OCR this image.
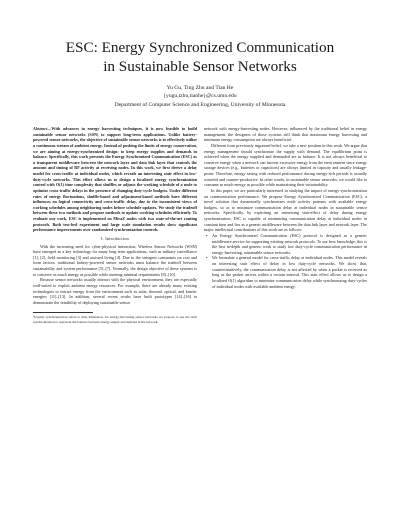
ESC: Energy Synchronized Communication
in Sustainable Sensor Networks
Yu Gu, Ting Zhu and Tian He
{yugu,tzhu,tianhe}@cs.umn.edu
Department of Computer Science and Engineering, University of Minnesota

Abstract—With advances in energy harvesting techniques, it is now feasible to build sustainable sensor networks (SSN) to support long-term applications. Unlike battery-powered sensor networks, the objective of sustainable sensor networks is to effectively utilize a continuous stream of ambient energy. Instead of pushing the limits of energy conservation, we are aiming at energy-synchronized design: to keep energy supplies and demands in balance. Specifically, this work presents the Energy Synchronized Communication (ESC) as a transparent middleware between the network layer and data link layer that controls the amount and timing of RF activity at receiving nodes. In this work, we first derive a delay model for cross-traffic at individual nodes, which reveals an interesting stair effect in low-duty-cycle networks. This effect allows us to design a localized energy synchronization control with O(1) time complexity that shuffles or adjusts the working schedule of a node to optimize cross-traffic delays in the presence of changing duty-cycle budgets. Under different rates of energy fluctuations, shuffle-based and adjustment-based methods have different influences on logical connectivity and cross-traffic delay, due to the inconsistent views of working schedules among neighboring nodes before schedule updates. We study the tradeoff between these two methods and propose methods to update working schedules efficiently. To evaluate our work, ESC is implemented on MicaZ nodes with two state-of-the-art routing protocols. Both test-bed experiment and large scale simulation results show significant performance improvements over randomized synchronization controls.

I. Introduction

With the increasing need for cyber-physical interaction, Wireless Sensor Networks (WSN) have emerged as a key technology for many long-term applications, such as military surveillance [1], [2], field monitoring [3] and assisted living [4]. Due to the stringent constraints on cost and form factors, traditional battery-powered sensor networks must balance the tradeoff between sustainability and system performance [5]–[7]. Normally, the design objective of these systems is to conserve as much energy as possible while meeting minimal requirements [8]–[10].

Because sensor networks usually interact with the physical environment, they are especially well-suited to exploit ambient energy resources. For example, there are already many existing technologies to extract energy from the environment such as solar, thermal, optical, and kinetic energies [11]–[13]. In addition, several recent works have built prototypes [14]–[16] to demonstrate the feasibility of deploying sustainable sensor

¹Usually synchronization refers to time dimension, for energy-harvesting sensor networks we propose to use the term synchronization to represent the balance between energy supply and demand in the network.

network with energy-harvesting nodes. However, influenced by the traditional belief in energy management, the designers of those systems still think that maximum energy harvesting and minimum energy consumption are always beneficial.

Different from previously ingrained belief, we take a new position in this work. We argue that energy management should synchronize the supply with demand. The equilibrium point is achieved when the energy supplied and demanded are in balance. It is not always beneficial to conserve energy when a network can harvest excessive energy from the environment since energy storage devices (e.g., batteries or capacitors) are always limited in capacity and usually leakage-prone. Therefore, energy saving with reduced performance during energy-rich periods is actually wasteful and counter-productive. In other words, in sustainable sensor networks, we would like to consume as much energy as possible while maintaining their sustainability.

In this paper, we are particularly interested in studying the impact of energy synchronization on communication performance. We propose Energy Synchronized Communication (ESC), a novel solution that dynamically synchronizes node activity patterns with available energy budgets, so as to minimize communication delay at individual nodes in sustainable sensor networks. Specifically, by exploiting an interesting stair-effect of delay during energy synchronization, ESC is capable of minimizing communication delay at individual nodes in constant time and lies as a generic middleware between the data link layer and network layer. The major intellectual contributions of this work are as follows:

• An Energy Synchronized Communication (ESC) protocol is designed as a generic middleware service for supporting existing network protocols. To our best knowledge, this is the first in-depth and generic work to study low duty-cycle communication performance in energy-harvesting, sustainable sensor networks.
• We formulate a general model for cross-traffic delay at individual nodes. This model reveals an interesting stair effect of delay in low duty-cycle networks. We show that, counterintuitively, the communication delay is not affected by when a packet is received as long as the packet arrives within a certain interval. This stair effect allows us to design a localized O(1) algorithm to minimize communication delay while synchronizing duty-cycles of individual nodes with available ambient energy.
